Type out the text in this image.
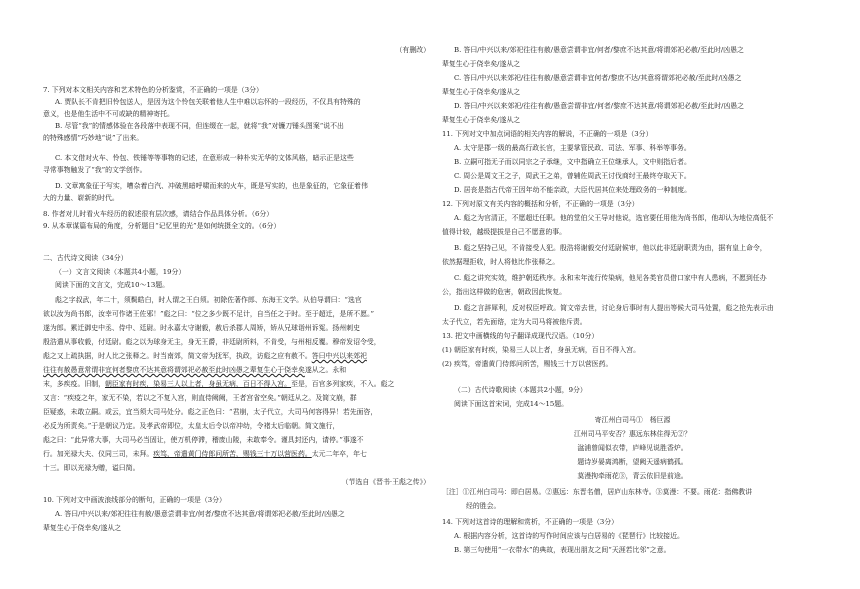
（有删改）
7. 下列对本文相关内容和艺术特色的分析鉴赏，不正确的一项是（3分）
A. 贾队长不肯把旧怜包送人，是因为这个怜包关联着他人生中难以忘怀的一段经历，不仅具有特殊的
意义，也是他生活中不可或缺的精神寄托。
B. 尽管“我”的情感体验在各段落中表现不同，但连缀在一起，就将“我”对镰刀锤头图案“说不出
的特殊感情”巧妙地“说”了出来。
C. 本文借对火车、怜包、铁锤等等事物的记述，在意形成一种朴实无华的文体风格，暗示正是这些
寻常事物触发了“我”的文学创作。
D. 文章寓象征于写实，嘈杂着白汽、冲破黑暗呼啸而来的火车，既是写实的，也是象征的，它象征着伟
大的力量、崭新的时代。
8. 作者对儿时看火车经历的叙述很有层次感，请结合作品具体分析。（6分）
9. 从本章谋篇布局的角度，分析题目“记忆里的光”是如何统摄全文的。（6分）
二、古代诗文阅读（34分）
（一）文言文阅读（本题共4小题，19分）
阅读下面的文言文，完成10～13题。
彪之字叔武，年二十，须鬓皓白，时人谓之王白须。初除佐著作郎、东海王文学。从伯导谓曰：“选官
欲以汝为尚书郎，汝幸可作诸王佐邪！”彪之曰：“位之多少既不足计，自当任之于时。至于超迁，是所不愿。”
遂为郎。累迁御史中丞、侍中、廷尉。时永嘉太守谢毅，赦后杀郡人周矫，矫从兄球诣州诉冤。扬州刺史
殷浩遣从事收毅，付廷尉。彪之以为球身无主，身无王爵，非廷尉所料，不肯受，与州相反覆。穆帝发诏令受，
彪之又上疏执据，时人比之张释之。时当南郊，简文帝为抚军，执政，访彪之应有赦不。答曰中兴以来郊祀
往往有赦愚意常谓非宜何者黎庶不达其意将谓郊祀必赦至此时凶愚之辈复生心于侥幸矣遂从之。永和
末，多疾疫。旧制，朝臣家有时疾，染易三人以上者，身虽无病，百日不得入宫。至是，百官多列家疾，不入。彪之
又言：“疾疫之年，家无不染，若以之不复入宫，则直侍阙阙，王者宫省空矣。”朝廷从之。及简文崩，群
臣疑惑，未敢立嗣。或云，宜当须大司马处分。彪之正色曰：“君崩，太子代立，大司马何容得异！若先面咨，
必反为所责矣。”于是朝议乃定。及孝武帝即位，太皇太后令以帝冲幼，令褚太后临朝。简文施行，
彪之曰：“此异常大事，大司马必当固让，使万机停滞，稽废山陵，未敢奉令。谨具封还内，请停。”事遂不
行。加光禄大夫、仪同三司，未拜。疾笃，帝遣黄门侍郎问所苦，赐钱三十万以营医药。太元二年卒，年七
十三。即以光禄为赠，谥曰简。
（节选自《晋书·王彪之传》）
10. 下列对文中画波浪线部分的断句，正确的一项是（3分）
A. 答曰/中兴以来/郊祀往往有赦/愚意尝谓非宜/何者/黎庶不达其意/将谓郊祀必赦/至此时/凶愚之
辈复生心于侥幸矣/遂从之
B. 答曰/中兴以来/郊祀往往有赦/愚意尝谓非宜/何者/黎庶不达其意/将谓郊祀必赦/至此时/凶愚之
辈复生心于侥幸矣/遂从之
C. 答曰/中兴以来郊祀/往往有赦/愚意尝谓非宜何者/黎庶不达/其意将谓郊祀必赦/至此时/凶愚之
辈复生心于侥幸矣/遂从之
D. 答曰/中兴以来郊祀/往往有赦/愚意尝谓非宜/何者/黎庶不达其意/将谓郊祀必赦/至此时/凶愚之
辈复生心于侥幸矣/遂从之
11. 下列对文中加点词语的相关内容的解说，不正确的一项是（3分）
A. 太守是郡一级的最高行政长官，主要掌管民政、司法、军事、科举等事务。
B. 立嗣可指无子而以同宗之子承继，文中指确立王位继承人，文中则指后者。
C. 周公是周文王之子，周武王之弟，曾辅佐周武王讨伐商纣王最终夺取天下。
D. 居丧是指古代帝王因年幼不能亲政，大臣代居其位来处理政务的一种制度。
12. 下列对原文有关内容的概括和分析，不正确的一项是（3分）
A. 彪之为官清正，不愿超迁任职。他的堂伯父王导对他说，选官要任用他为尚书郎，他却认为地位高低不
值得计较，越级提拔是自己不愿意的事。
B. 彪之坚持己见，不肯接受人犯。殷浩将谢毅交付廷尉候审，他以此非廷尉职责为由，据有皇上命令，
依然据理拒收，时人将他比作张释之。
C. 彪之讲究实效，维护朝廷秩序。永和末年流行传染病，他见各类官员借口家中有人患病，不愿到任办
公，指出这样做的危害，朝政因此恢复。
D. 彪之言辞犀利，反对权臣呼政。简文帝去世，讨论身后事时有人提出等候大司马处置，彪之抢先表示由
太子代立，若先面谘，定为大司马将被他斥责。
13. 把文中画横线的句子翻译成现代汉语。（10分）
(1) 朝臣家有时疾，染易三人以上者，身虽无病，百日不得入宫。
(2) 疾笃，帝遣黄门侍郎问所苦，赐钱三十万以营医药。
（二）古代诗歌阅读（本题共2小题，9分）
阅读下面这首宋词，完成14～15题。
寄江州白司马①　杨巨源
江州司马平安否？惠远东林住得无②？
湓浦曾闻似衣带，庐峰见说胜香炉。
题诗岁晏离鸿断，望阙天遥病鹤孤。
莫漫拘牵雨花③，青云依旧是前途。
［注］①江州白司马：即白居易。②惠远：东晋名僧，居庐山东林寺。③莫漫：不要。雨花：指佛教讲
经的胜会。
14. 下列对这首诗的理解和赏析，不正确的一项是（3分）
A. 根据内容分析，这首诗的写作时间应该与白居易的《琵琶行》比较接近。
B. 第三句使用“一衣带水”的典故，表现出朋友之间“天涯若比邻”之意。
